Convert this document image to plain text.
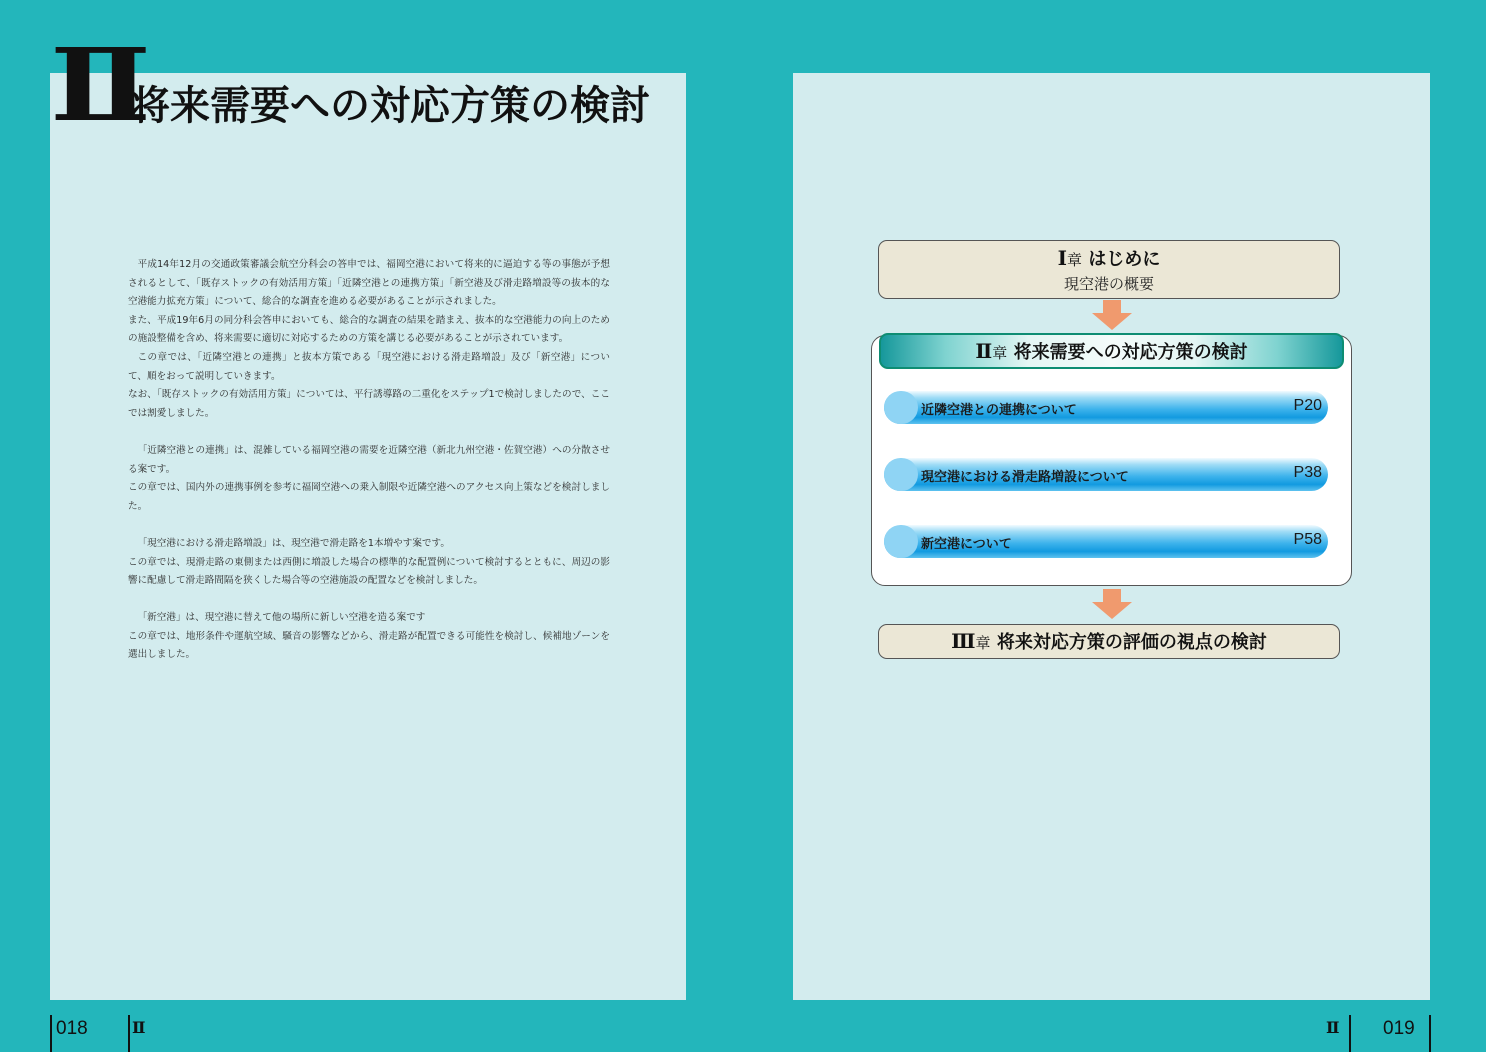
Ⅱ
将来需要への対応方策の検討

平成14年12月の交通政策審議会航空分科会の答申では、福岡空港において将来的に逼迫する等の事態が予想されるとして、「既存ストックの有効活用方策」「近隣空港との連携方策」「新空港及び滑走路増設等の抜本的な空港能力拡充方策」について、総合的な調査を進める必要があることが示されました。

また、平成19年6月の同分科会答申においても、総合的な調査の結果を踏まえ、抜本的な空港能力の向上のための施設整備を含め、将来需要に適切に対応するための方策を講じる必要があることが示されています。

この章では、「近隣空港との連携」と抜本方策である「現空港における滑走路増設」及び「新空港」について、順をおって説明していきます。

なお、「既存ストックの有効活用方策」については、平行誘導路の二重化をステップ1で検討しましたので、ここでは割愛しました。

「近隣空港との連携」は、混雑している福岡空港の需要を近隣空港（新北九州空港・佐賀空港）への分散させる案です。

この章では、国内外の連携事例を参考に福岡空港への乗入制限や近隣空港へのアクセス向上策などを検討しました。

「現空港における滑走路増設」は、現空港で滑走路を1本増やす案です。

この章では、現滑走路の東側または西側に増設した場合の標準的な配置例について検討するとともに、周辺の影響に配慮して滑走路間隔を狭くした場合等の空港施設の配置などを検討しました。

「新空港」は、現空港に替えて他の場所に新しい空港を造る案です

この章では、地形条件や運航空域、騒音の影響などから、滑走路が配置できる可能性を検討し、候補地ゾーンを選出しました。

018	Ⅱ
Ⅰ章 はじめに
現空港の概要
Ⅱ章 将来需要への対応方策の検討
近隣空港との連携について	P20
現空港における滑走路増設について	P38
新空港について	P58
Ⅲ章 将来対応方策の評価の視点の検討
Ⅱ 019
